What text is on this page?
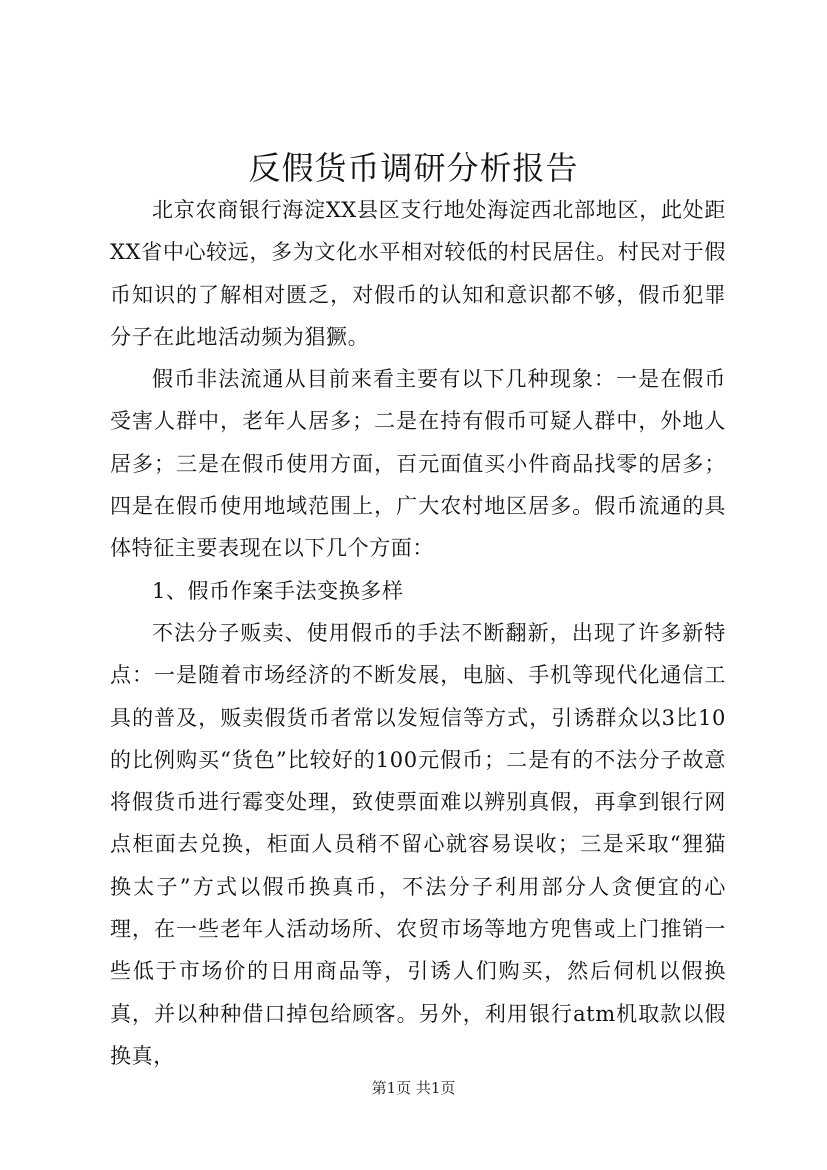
反假货币调研分析报告

北京农商银行海淀XX县区支行地处海淀西北部地区，此处距XX省中心较远，多为文化水平相对较低的村民居住。村民对于假币知识的了解相对匮乏，对假币的认知和意识都不够，假币犯罪分子在此地活动频为猖獗。

假币非法流通从目前来看主要有以下几种现象：一是在假币受害人群中，老年人居多；二是在持有假币可疑人群中，外地人居多；三是在假币使用方面，百元面值买小件商品找零的居多；四是在假币使用地域范围上，广大农村地区居多。假币流通的具体特征主要表现在以下几个方面：

1、假币作案手法变换多样

不法分子贩卖、使用假币的手法不断翻新，出现了许多新特点：一是随着市场经济的不断发展，电脑、手机等现代化通信工具的普及，贩卖假货币者常以发短信等方式，引诱群众以3比10的比例购买“货色”比较好的100元假币；二是有的不法分子故意将假货币进行霉变处理，致使票面难以辨别真假，再拿到银行网点柜面去兑换，柜面人员稍不留心就容易误收；三是采取“狸猫换太子”方式以假币换真币，不法分子利用部分人贪便宜的心理，在一些老年人活动场所、农贸市场等地方兜售或上门推销一些低于市场价的日用商品等，引诱人们购买，然后伺机以假换真，并以种种借口掉包给顾客。另外，利用银行atm机取款以假换真，

第1页 共1页
